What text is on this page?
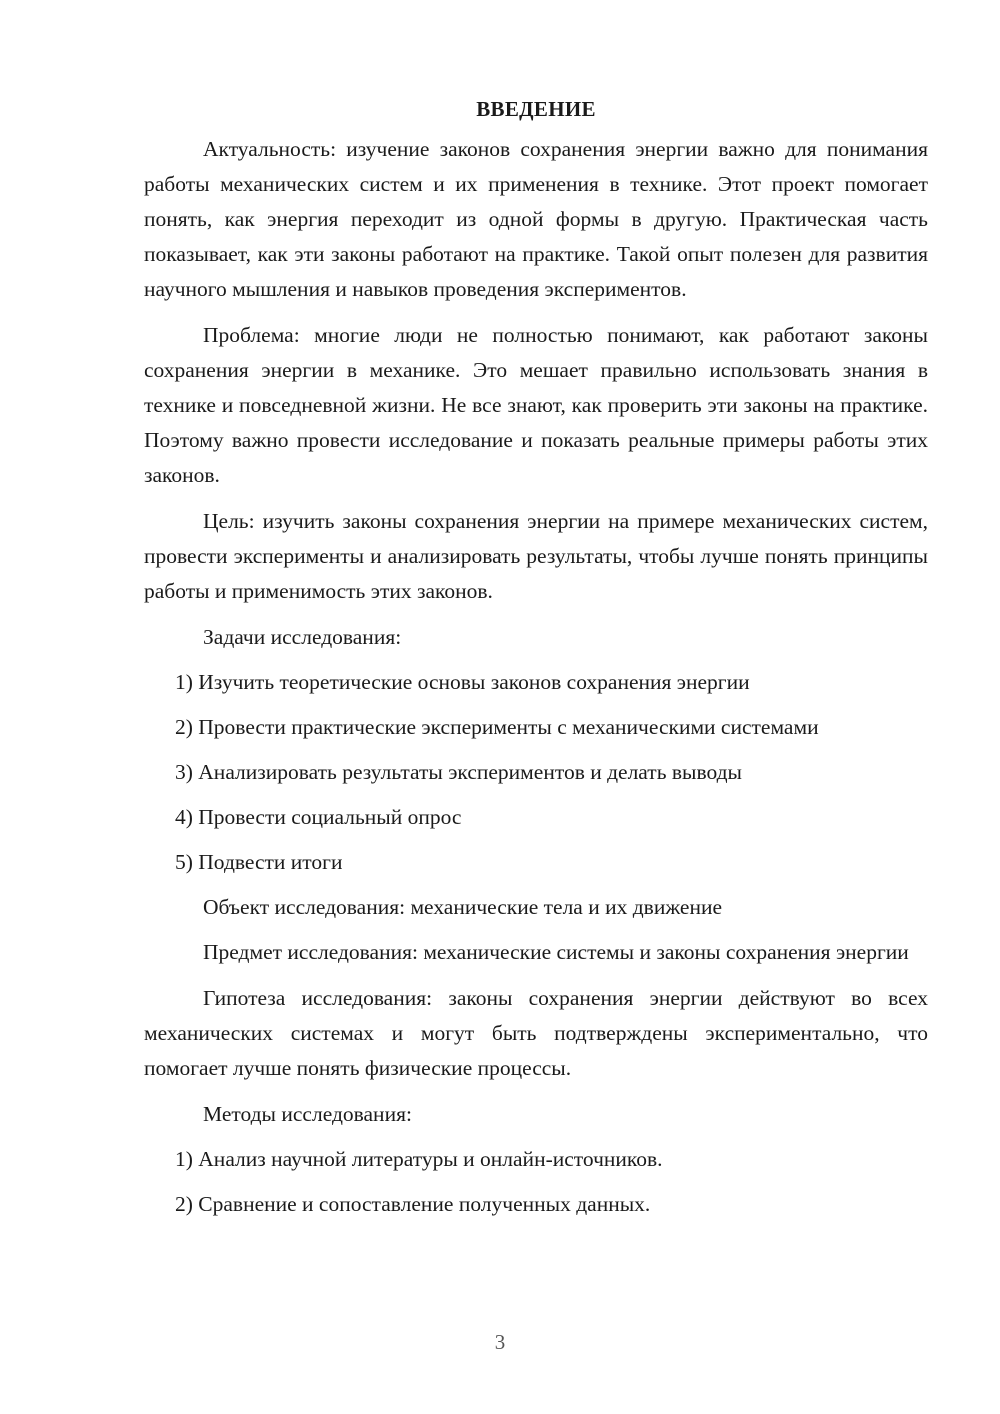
ВВЕДЕНИЕ

Актуальность: изучение законов сохранения энергии важно для понимания работы механических систем и их применения в технике. Этот проект помогает понять, как энергия переходит из одной формы в другую. Практическая часть показывает, как эти законы работают на практике. Такой опыт полезен для развития научного мышления и навыков проведения экспериментов.

Проблема: многие люди не полностью понимают, как работают законы сохранения энергии в механике. Это мешает правильно использовать знания в технике и повседневной жизни. Не все знают, как проверить эти законы на практике. Поэтому важно провести исследование и показать реальные примеры работы этих законов.

Цель: изучить законы сохранения энергии на примере механических систем, провести эксперименты и анализировать результаты, чтобы лучше понять принципы работы и применимость этих законов.

Задачи исследования:
1) Изучить теоретические основы законов сохранения энергии
2) Провести практические эксперименты с механическими системами
3) Анализировать результаты экспериментов и делать выводы
4) Провести социальный опрос
5) Подвести итоги
Объект исследования: механические тела и их движение

Предмет исследования: механические системы и законы сохранения энергии

Гипотеза исследования: законы сохранения энергии действуют во всех механических системах и могут быть подтверждены экспериментально, что помогает лучше понять физические процессы.

Методы исследования:
1) Анализ научной литературы и онлайн-источников.
2) Сравнение и сопоставление полученных данных.
3
